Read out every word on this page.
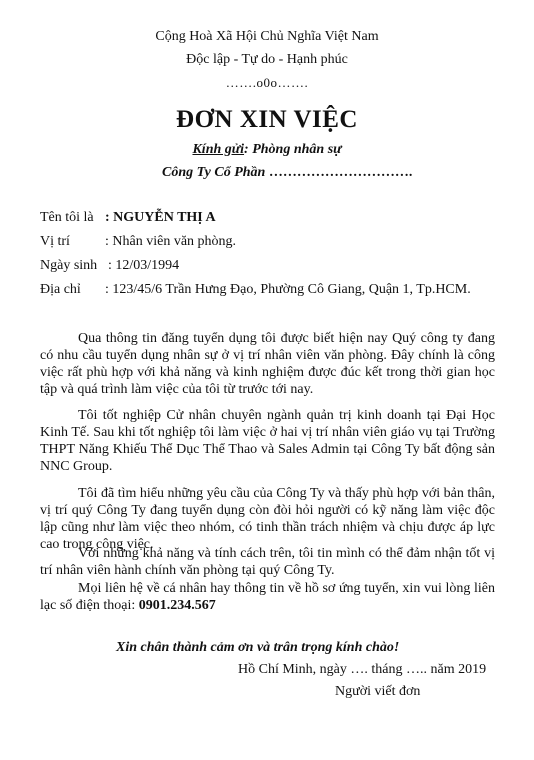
Cộng Hoà Xã Hội Chủ Nghĩa Việt Nam
Độc lập - Tự do - Hạnh phúc
…….o0o…….
ĐƠN XIN VIỆC
Kính gửi: Phòng nhân sự
Công Ty Cổ Phần ………………………….
Tên tôi là : NGUYỄN THỊ A
Vị trí	: Nhân viên văn phòng.
Ngày sinh : 12/03/1994
Địa chỉ : 123/45/6 Trần Hưng Đạo, Phường Cô Giang, Quận 1, Tp.HCM.

Qua thông tin đăng tuyển dụng tôi được biết hiện nay Quý công ty đang có nhu cầu tuyển dụng nhân sự ở vị trí nhân viên văn phòng. Đây chính là công việc rất phù hợp với khả năng và kinh nghiệm được đúc kết trong thời gian học tập và quá trình làm việc của tôi từ trước tới nay.

Tôi tốt nghiệp Cử nhân chuyên ngành quản trị kinh doanh tại Đại Học Kinh Tế. Sau khi tốt nghiệp tôi làm việc ở hai vị trí nhân viên giáo vụ tại Trường THPT Năng Khiếu Thể Dục Thể Thao và Sales Admin tại Công Ty bất động sản NNC Group.

Tôi đã tìm hiểu những yêu cầu của Công Ty và thấy phù hợp với bản thân, vị trí quý Công Ty đang tuyển dụng còn đòi hỏi người có kỹ năng làm việc độc lập cũng như làm việc theo nhóm, có tinh thần trách nhiệm và chịu được áp lực cao trong công việc.

Với những khả năng và tính cách trên, tôi tin mình có thể đảm nhận tốt vị trí nhân viên hành chính văn phòng tại quý Công Ty.

Mọi liên hệ về cá nhân hay thông tin về hồ sơ ứng tuyển, xin vui lòng liên lạc số điện thoại: 0901.234.567

Xin chân thành cảm ơn và trân trọng kính chào!
Hồ Chí Minh, ngày …. tháng ….. năm 2019
Người viết đơn
